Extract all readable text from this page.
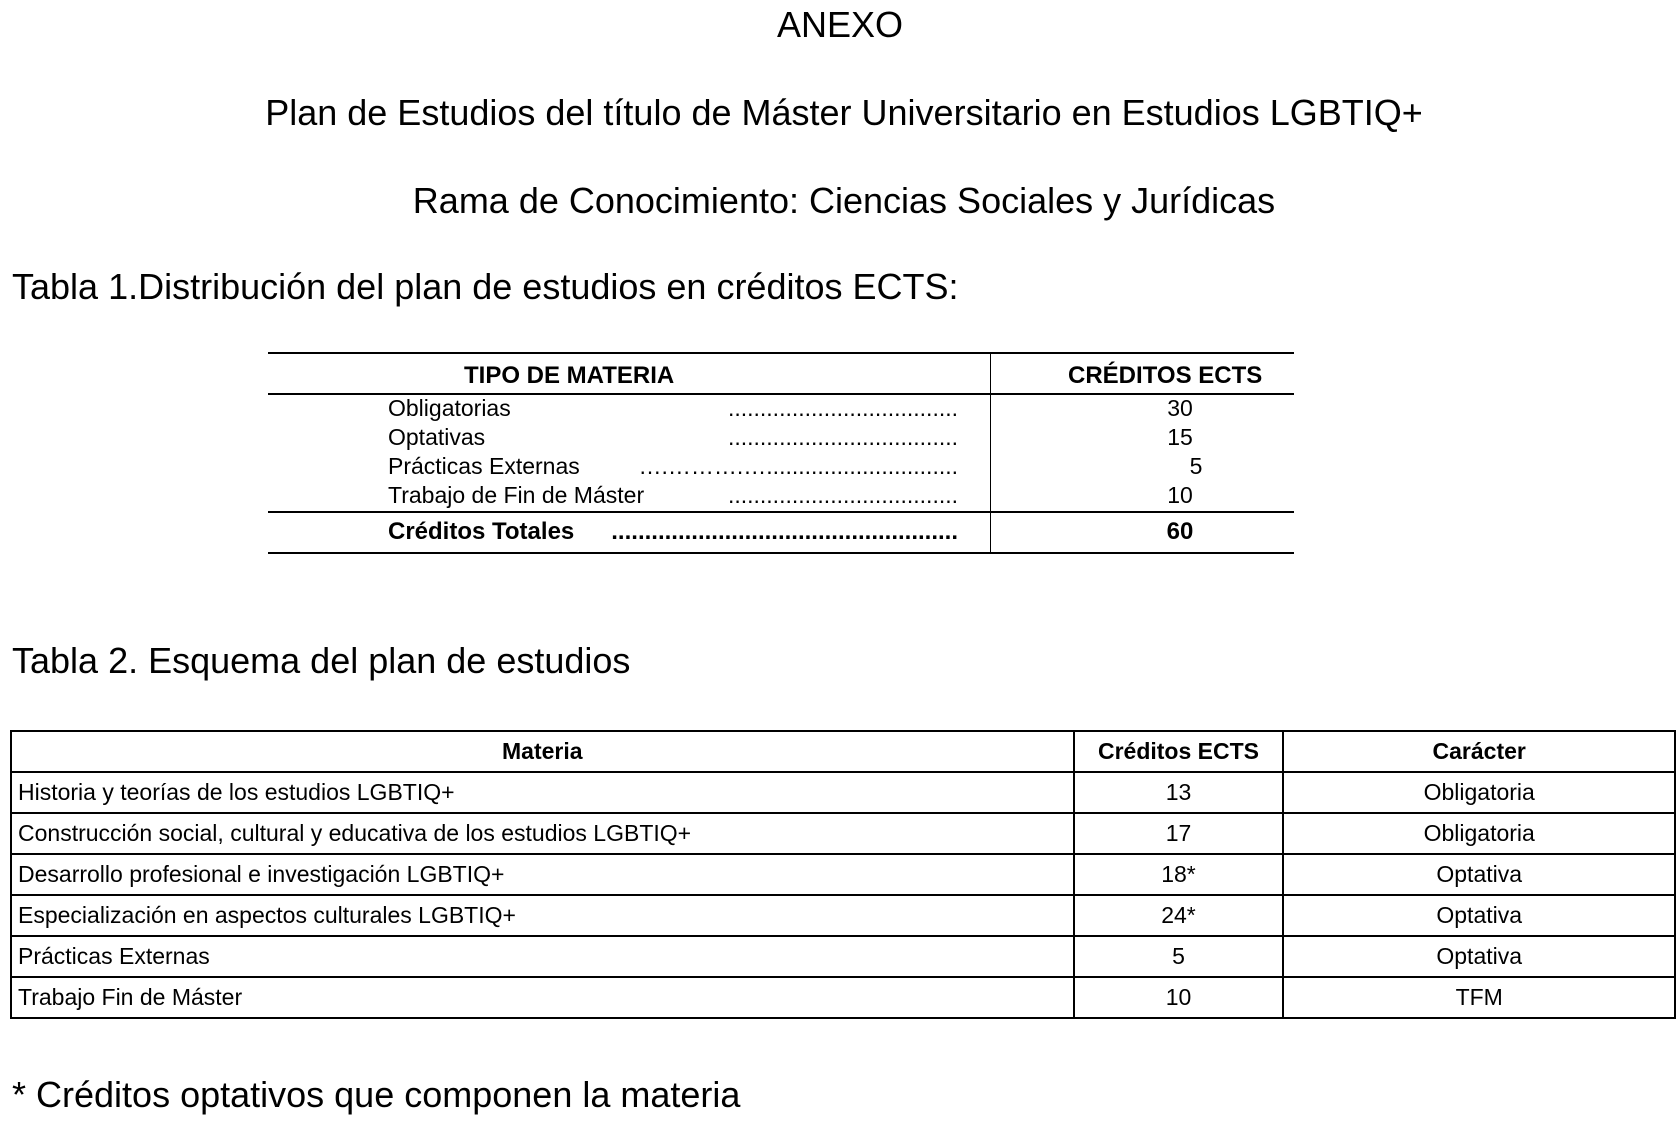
ANEXO
Plan de Estudios del título de Máster Universitario en Estudios LGBTIQ+
Rama de Conocimiento: Ciencias Sociales y Jurídicas
Tabla 1.Distribución del plan de estudios en créditos ECTS:
TIPO DE MATERIA	CRÉDITOS ECTS
Obligatorias	....................................	30
Optativas	....................................	15
Prácticas Externas	….……….…..............................	5
Trabajo de Fin de Máster	....................................	10
Créditos Totales ....................................................	60
Tabla 2. Esquema del plan de estudios
Materia	Créditos ECTS	Carácter
Historia y teorías de los estudios LGBTIQ+	13	Obligatoria
Construcción social, cultural y educativa de los estudios LGBTIQ+	17	Obligatoria
Desarrollo profesional e investigación LGBTIQ+	18*	Optativa
Especialización en aspectos culturales LGBTIQ+	24*	Optativa
Prácticas Externas	5	Optativa
Trabajo Fin de Máster	10	TFM
* Créditos optativos que componen la materia
